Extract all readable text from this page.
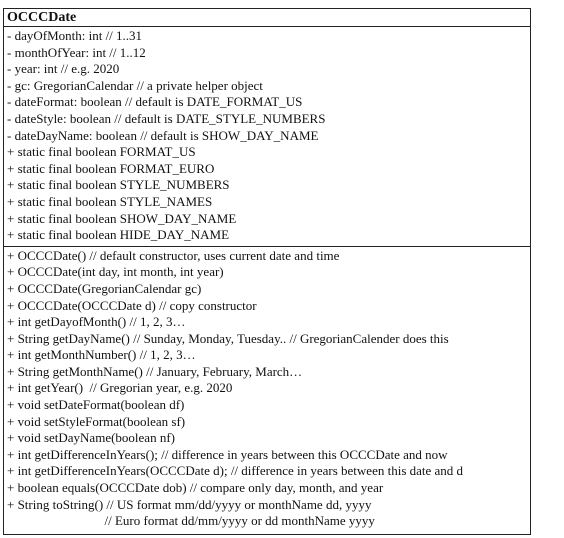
OCCCDate
- dayOfMonth: int // 1..31
- monthOfYear: int // 1..12
- year: int // e.g. 2020
- gc: GregorianCalendar // a private helper object
- dateFormat: boolean // default is DATE_FORMAT_US
- dateStyle: boolean // default is DATE_STYLE_NUMBERS
- dateDayName: boolean // default is SHOW_DAY_NAME
+ static final boolean FORMAT_US
+ static final boolean FORMAT_EURO
+ static final boolean STYLE_NUMBERS
+ static final boolean STYLE_NAMES
+ static final boolean SHOW_DAY_NAME
+ static final boolean HIDE_DAY_NAME
+ OCCCDate() // default constructor, uses current date and time
+ OCCCDate(int day, int month, int year)
+ OCCCDate(GregorianCalendar gc)
+ OCCCDate(OCCCDate d) // copy constructor
+ int getDayofMonth() // 1, 2, 3…
+ String getDayName() // Sunday, Monday, Tuesday.. // GregorianCalender does this
+ int getMonthNumber() // 1, 2, 3…
+ String getMonthName() // January, February, March…
+ int getYear()  // Gregorian year, e.g. 2020
+ void setDateFormat(boolean df)
+ void setStyleFormat(boolean sf)
+ void setDayName(boolean nf)
+ int getDifferenceInYears(); // difference in years between this OCCCDate and now
+ int getDifferenceInYears(OCCCDate d); // difference in years between this date and d
+ boolean equals(OCCCDate dob) // compare only day, month, and year
+ String toString() // US format mm/dd/yyyy or monthName dd, yyyy
// Euro format dd/mm/yyyy or dd monthName yyyy
